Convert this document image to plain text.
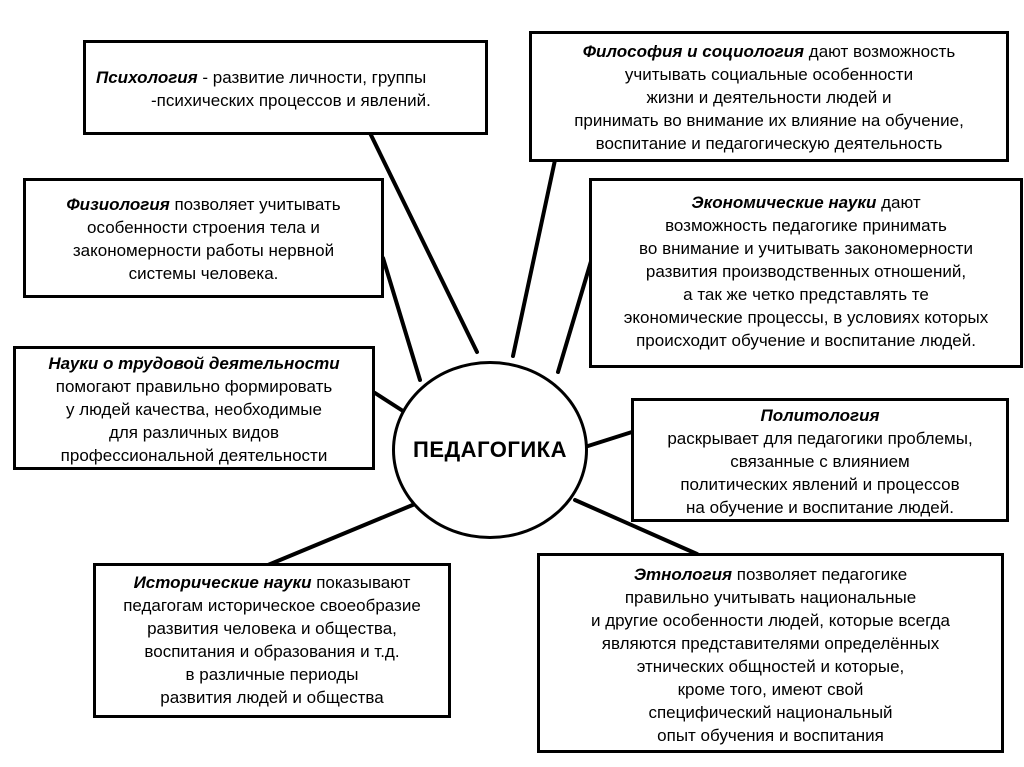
ПЕДАГОГИКА
Психология - развитие личности, группы
-психических процессов и явлений.
Философия и социология дают возможность
учитывать социальные особенности
жизни и деятельности людей и
принимать во внимание их влияние на обучение,
воспитание и педагогическую деятельность
Физиология позволяет учитывать
особенности строения тела и
закономерности работы нервной
системы человека.
Экономические науки дают
возможность педагогике принимать
во внимание и учитывать закономерности
развития производственных отношений,
а так же четко представлять те
экономические процессы, в условиях которых
происходит обучение и воспитание людей.
Науки о трудовой деятельности
помогают правильно формировать
у людей качества, необходимые
для различных видов
профессиональной деятельности
Политология
раскрывает для педагогики проблемы,
связанные с влиянием
политических явлений и процессов
на обучение и воспитание людей.
Исторические науки показывают
педагогам историческое своеобразие
развития человека и общества,
воспитания и образования и т.д.
в различные периоды
развития людей и общества
Этнология позволяет педагогике
правильно учитывать национальные
и другие особенности людей, которые всегда
являются представителями определённых
этнических общностей и которые,
кроме того, имеют свой
специфический национальный
опыт обучения и воспитания
